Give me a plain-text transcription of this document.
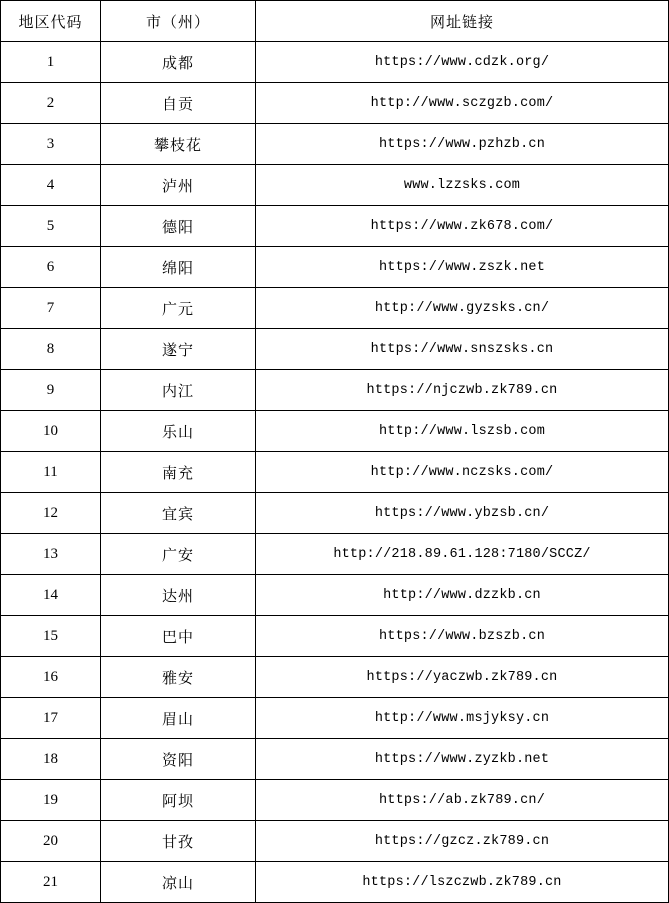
地区代码	市（州）	网址链接
1	成都	https://www.cdzk.org/
2	自贡	http://www.sczgzb.com/
3	攀枝花	https://www.pzhzb.cn
4	泸州	www.lzzsks.com
5	德阳	https://www.zk678.com/
6	绵阳	https://www.zszk.net
7	广元	http://www.gyzsks.cn/
8	遂宁	https://www.snszsks.cn
9	内江	https://njczwb.zk789.cn
10	乐山	http://www.lszsb.com
11	南充	http://www.nczsks.com/
12	宜宾	https://www.ybzsb.cn/
13	广安	http://218.89.61.128:7180/SCCZ/
14	达州	http://www.dzzkb.cn
15	巴中	https://www.bzszb.cn
16	雅安	https://yaczwb.zk789.cn
17	眉山	http://www.msjyksy.cn
18	资阳	https://www.zyzkb.net
19	阿坝	https://ab.zk789.cn/
20	甘孜	https://gzcz.zk789.cn
21	凉山	https://lszczwb.zk789.cn
